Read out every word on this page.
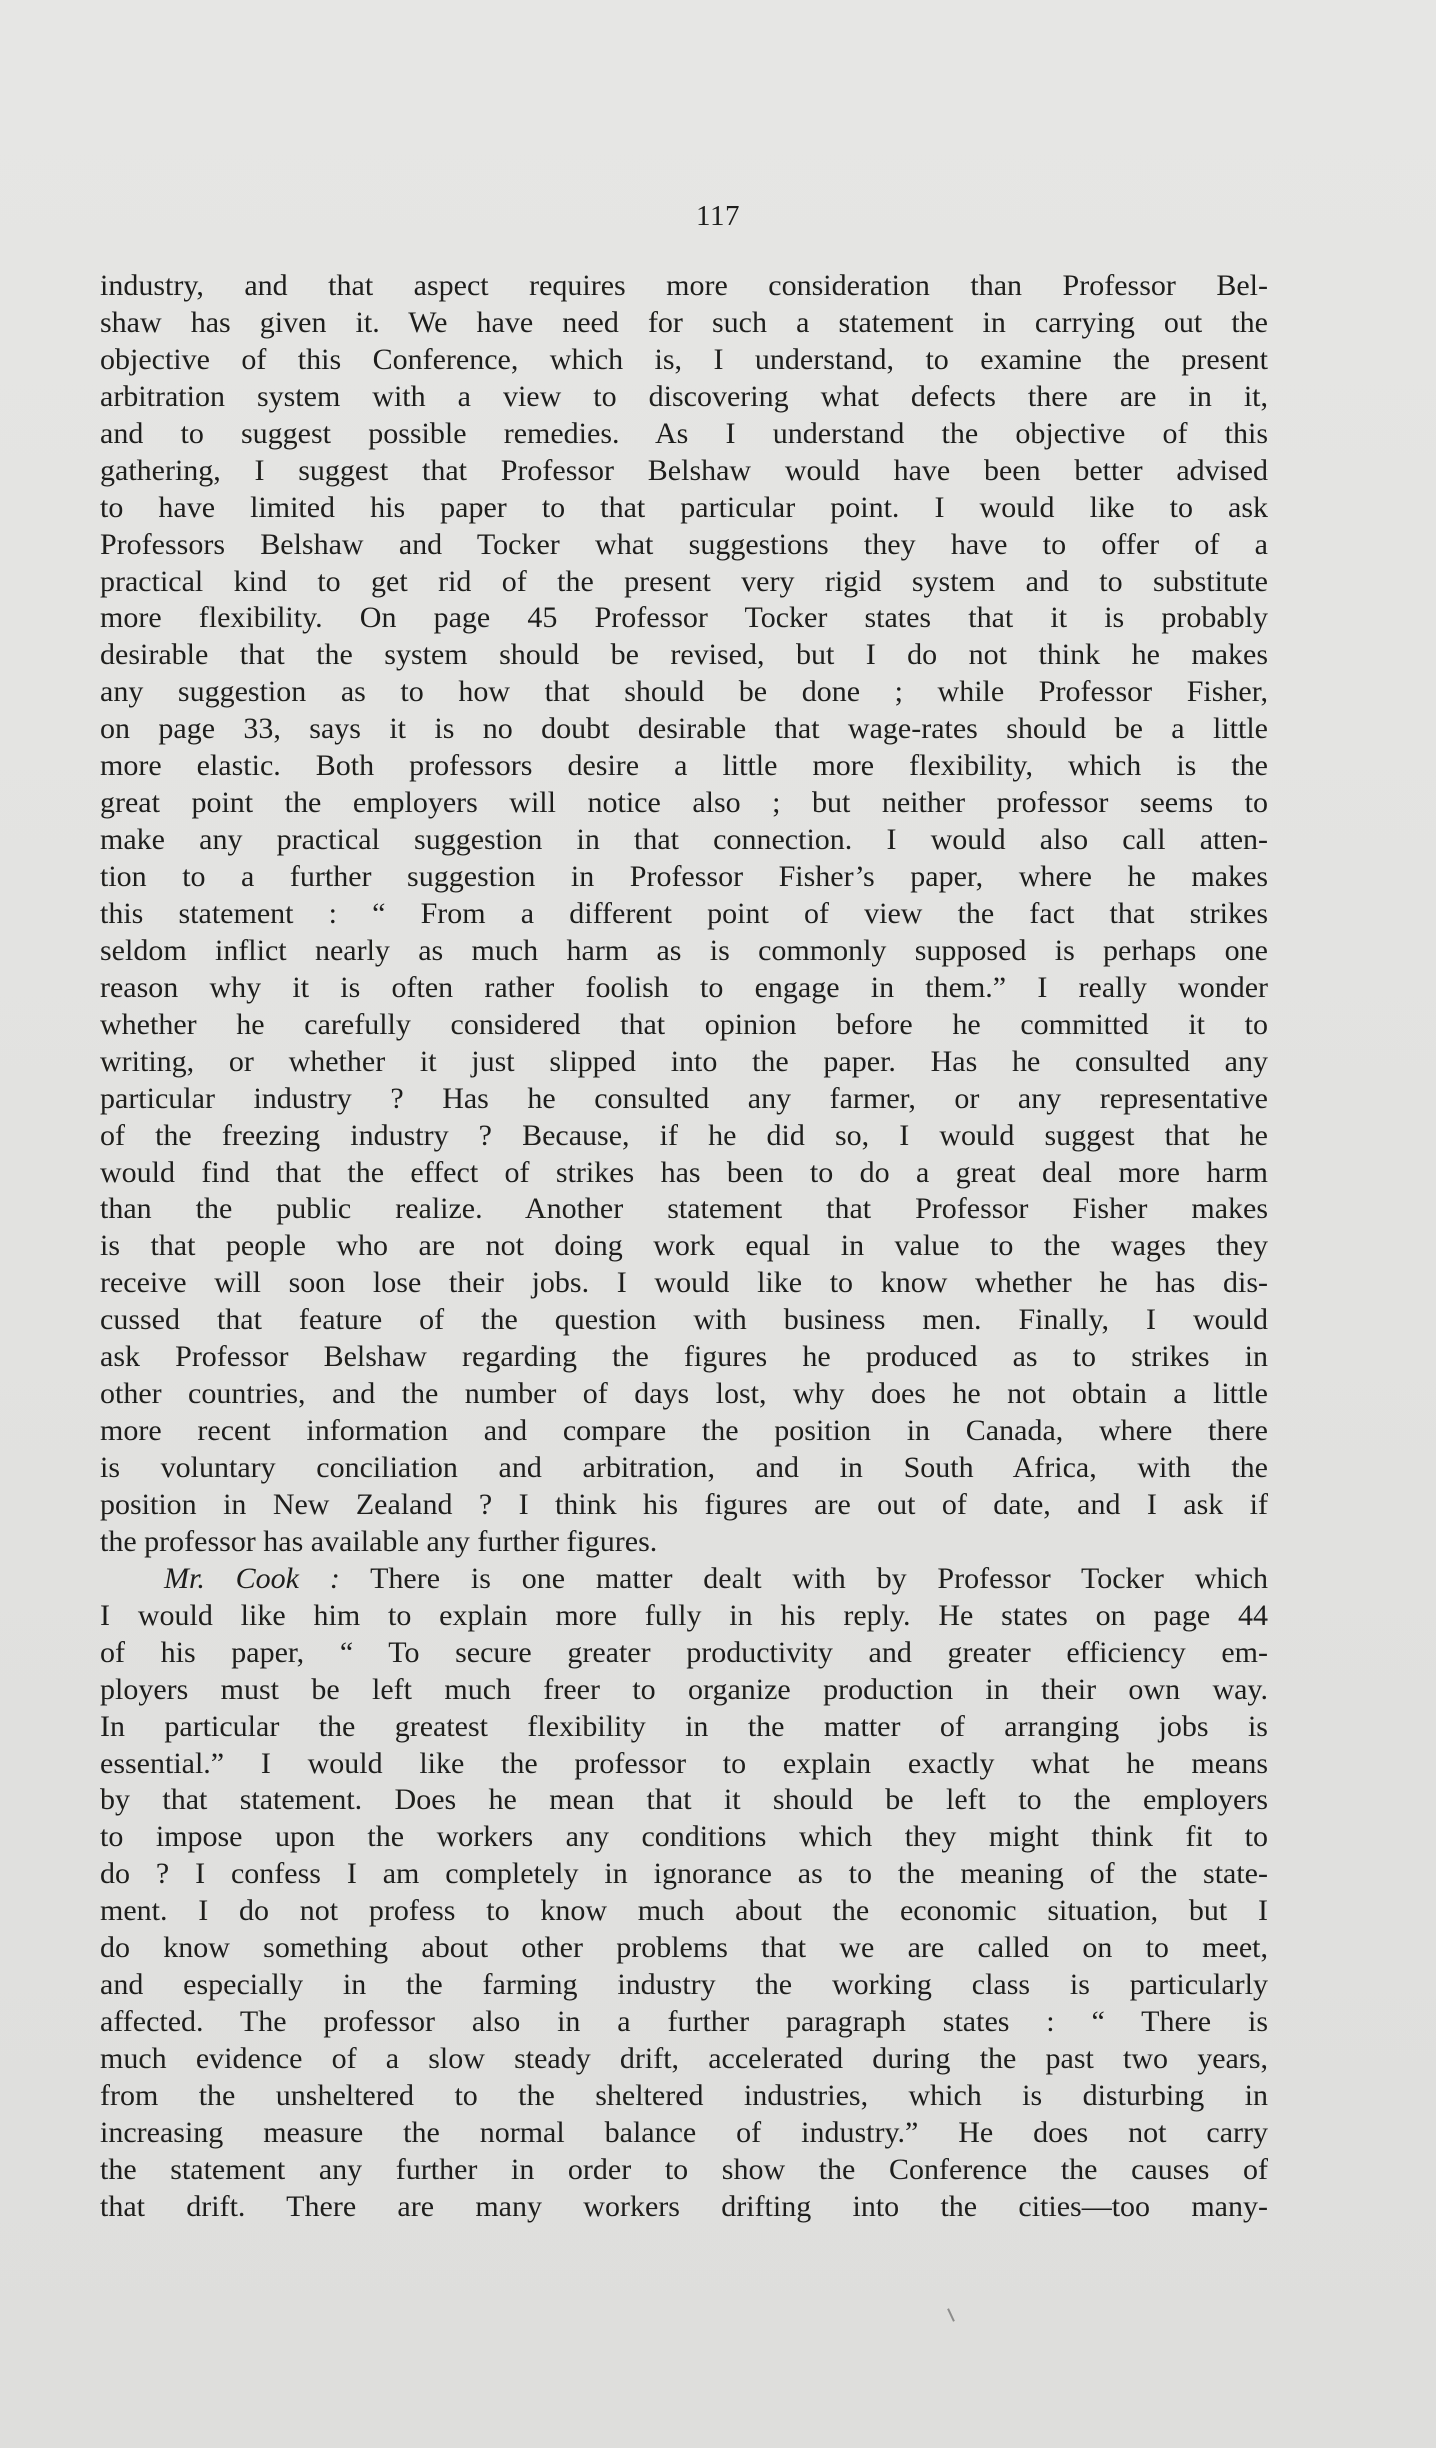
117
industry, and that aspect requires more consideration than Professor Bel-
shaw has given it. We have need for such a statement in carrying out the
objective of this Conference, which is, I understand, to examine the present
arbitration system with a view to discovering what defects there are in it,
and to suggest possible remedies. As I understand the objective of this
gathering, I suggest that Professor Belshaw would have been better advised
to have limited his paper to that particular point. I would like to ask
Professors Belshaw and Tocker what suggestions they have to offer of a
practical kind to get rid of the present very rigid system and to substitute
more flexibility. On page 45 Professor Tocker states that it is probably
desirable that the system should be revised, but I do not think he makes
any suggestion as to how that should be done ; while Professor Fisher,
on page 33, says it is no doubt desirable that wage-rates should be a little
more elastic. Both professors desire a little more flexibility, which is the
great point the employers will notice also ; but neither professor seems to
make any practical suggestion in that connection. I would also call atten-
tion to a further suggestion in Professor Fisher’s paper, where he makes
this statement : “ From a different point of view the fact that strikes
seldom inflict nearly as much harm as is commonly supposed is perhaps one
reason why it is often rather foolish to engage in them.” I really wonder
whether he carefully considered that opinion before he committed it to
writing, or whether it just slipped into the paper. Has he consulted any
particular industry ? Has he consulted any farmer, or any representative
of the freezing industry ? Because, if he did so, I would suggest that he
would find that the effect of strikes has been to do a great deal more harm
than the public realize. Another statement that Professor Fisher makes
is that people who are not doing work equal in value to the wages they
receive will soon lose their jobs. I would like to know whether he has dis-
cussed that feature of the question with business men. Finally, I would
ask Professor Belshaw regarding the figures he produced as to strikes in
other countries, and the number of days lost, why does he not obtain a little
more recent information and compare the position in Canada, where there
is voluntary conciliation and arbitration, and in South Africa, with the
position in New Zealand ? I think his figures are out of date, and I ask if
the professor has available any further figures.
Mr. Cook : There is one matter dealt with by Professor Tocker which
I would like him to explain more fully in his reply. He states on page 44
of his paper, “ To secure greater productivity and greater efficiency em-
ployers must be left much freer to organize production in their own way.
In particular the greatest flexibility in the matter of arranging jobs is
essential.” I would like the professor to explain exactly what he means
by that statement. Does he mean that it should be left to the employers
to impose upon the workers any conditions which they might think fit to
do ? I confess I am completely in ignorance as to the meaning of the state-
ment. I do not profess to know much about the economic situation, but I
do know something about other problems that we are called on to meet,
and especially in the farming industry the working class is particularly
affected. The professor also in a further paragraph states : “ There is
much evidence of a slow steady drift, accelerated during the past two years,
from the unsheltered to the sheltered industries, which is disturbing in
increasing measure the normal balance of industry.” He does not carry
the statement any further in order to show the Conference the causes of
that drift. There are many workers drifting into the cities—too many-
